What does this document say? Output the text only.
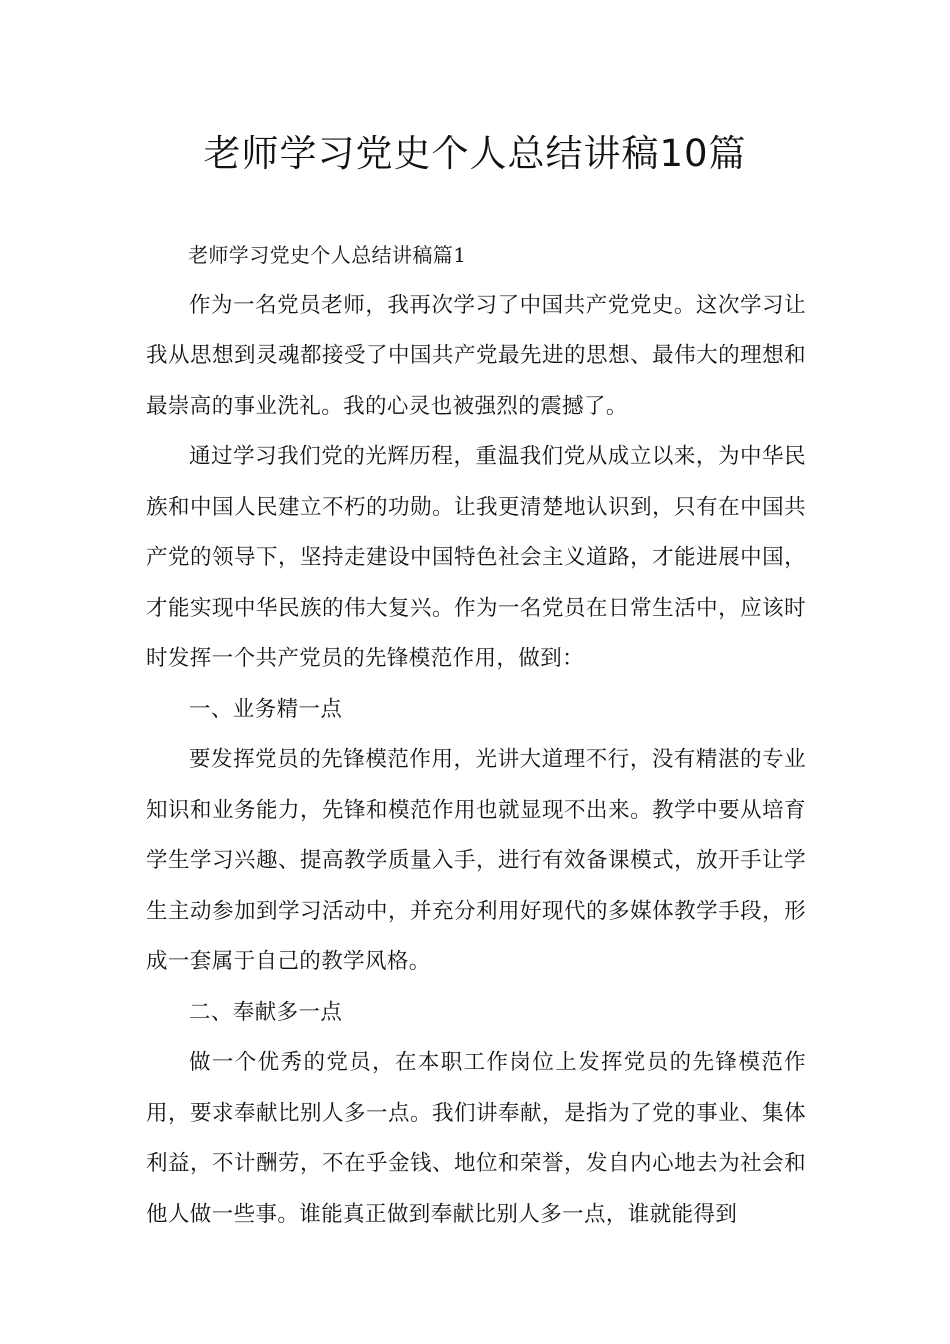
老师学习党史个人总结讲稿10篇

老师学习党史个人总结讲稿篇1

作为一名党员老师，我再次学习了中国共产党党史。这次学习让我从思想到灵魂都接受了中国共产党最先进的思想、最伟大的理想和最崇高的事业洗礼。我的心灵也被强烈的震撼了。

通过学习我们党的光辉历程，重温我们党从成立以来，为中华民族和中国人民建立不朽的功勋。让我更清楚地认识到，只有在中国共产党的领导下，坚持走建设中国特色社会主义道路，才能进展中国，才能实现中华民族的伟大复兴。作为一名党员在日常生活中，应该时时发挥一个共产党员的先锋模范作用，做到：

一、业务精一点

要发挥党员的先锋模范作用，光讲大道理不行，没有精湛的专业知识和业务能力，先锋和模范作用也就显现不出来。教学中要从培育学生学习兴趣、提高教学质量入手，进行有效备课模式，放开手让学生主动参加到学习活动中，并充分利用好现代的多媒体教学手段，形成一套属于自己的教学风格。

二、奉献多一点

做一个优秀的党员，在本职工作岗位上发挥党员的先锋模范作用，要求奉献比别人多一点。我们讲奉献，是指为了党的事业、集体利益，不计酬劳，不在乎金钱、地位和荣誉，发自内心地去为社会和他人做一些事。谁能真正做到奉献比别人多一点，谁就能得到
